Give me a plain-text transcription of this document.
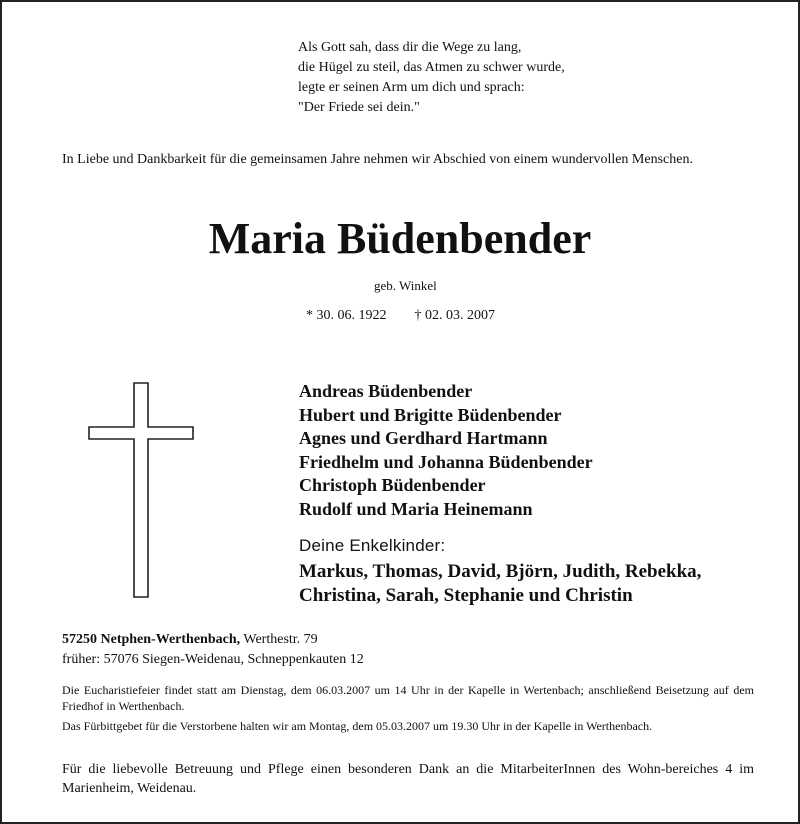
Als Gott sah, dass dir die Wege zu lang,
die Hügel zu steil, das Atmen zu schwer wurde,
legte er seinen Arm um dich und sprach:
"Der Friede sei dein."
In Liebe und Dankbarkeit für die gemeinsamen Jahre nehmen wir Abschied von einem wundervollen Menschen.
Maria Büdenbender
geb. Winkel
* 30. 06. 1922 † 02. 03. 2007
Andreas Büdenbender
Hubert und Brigitte Büdenbender
Agnes und Gerdhard Hartmann
Friedhelm und Johanna Büdenbender
Christoph Büdenbender
Rudolf und Maria Heinemann
Deine Enkelkinder:
Markus, Thomas, David, Björn, Judith, Rebekka,
Christina, Sarah, Stephanie und Christin
57250 Netphen-Werthenbach, Werthestr. 79
früher: 57076 Siegen-Weidenau, Schneppenkauten 12
Die Eucharistiefeier findet statt am Dienstag, dem 06.03.2007 um 14 Uhr in der Kapelle in Wertenbach; anschließend Beisetzung auf dem Friedhof in Werthenbach.
Das Fürbittgebet für die Verstorbene halten wir am Montag, dem 05.03.2007 um 19.30 Uhr in der Kapelle in Werthenbach.
Für die liebevolle Betreuung und Pflege einen besonderen Dank an die MitarbeiterInnen des Wohn-bereiches 4 im Marienheim, Weidenau.
